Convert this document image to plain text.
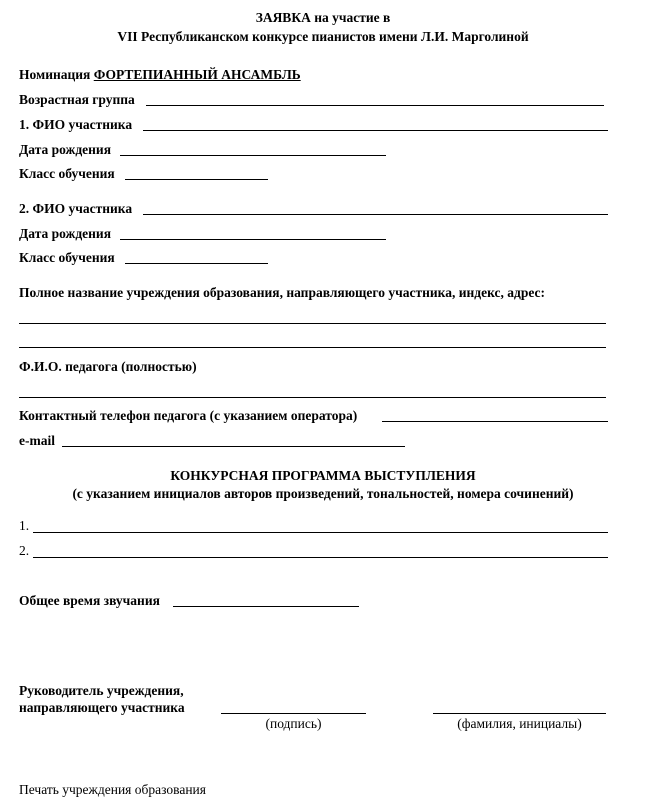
ЗАЯВКА на участие в
VII Республиканском конкурсе пианистов имени Л.И. Марголиной
Номинация ФОРТЕПИАННЫЙ АНСАМБЛЬ
Возрастная группа
1. ФИО участника
Дата рождения
Класс обучения
2. ФИО участника
Дата рождения
Класс обучения
Полное название учреждения образования, направляющего участника, индекс, адрес:
Ф.И.О. педагога (полностью)
Контактный телефон педагога (с указанием оператора)
e-mail
КОНКУРСНАЯ ПРОГРАММА ВЫСТУПЛЕНИЯ
(с указанием инициалов авторов произведений, тональностей, номера сочинений)
1.
2.
Общее время звучания
Руководитель учреждения,
направляющего участника
(подпись)	(фамилия, инициалы)
Печать учреждения образования
